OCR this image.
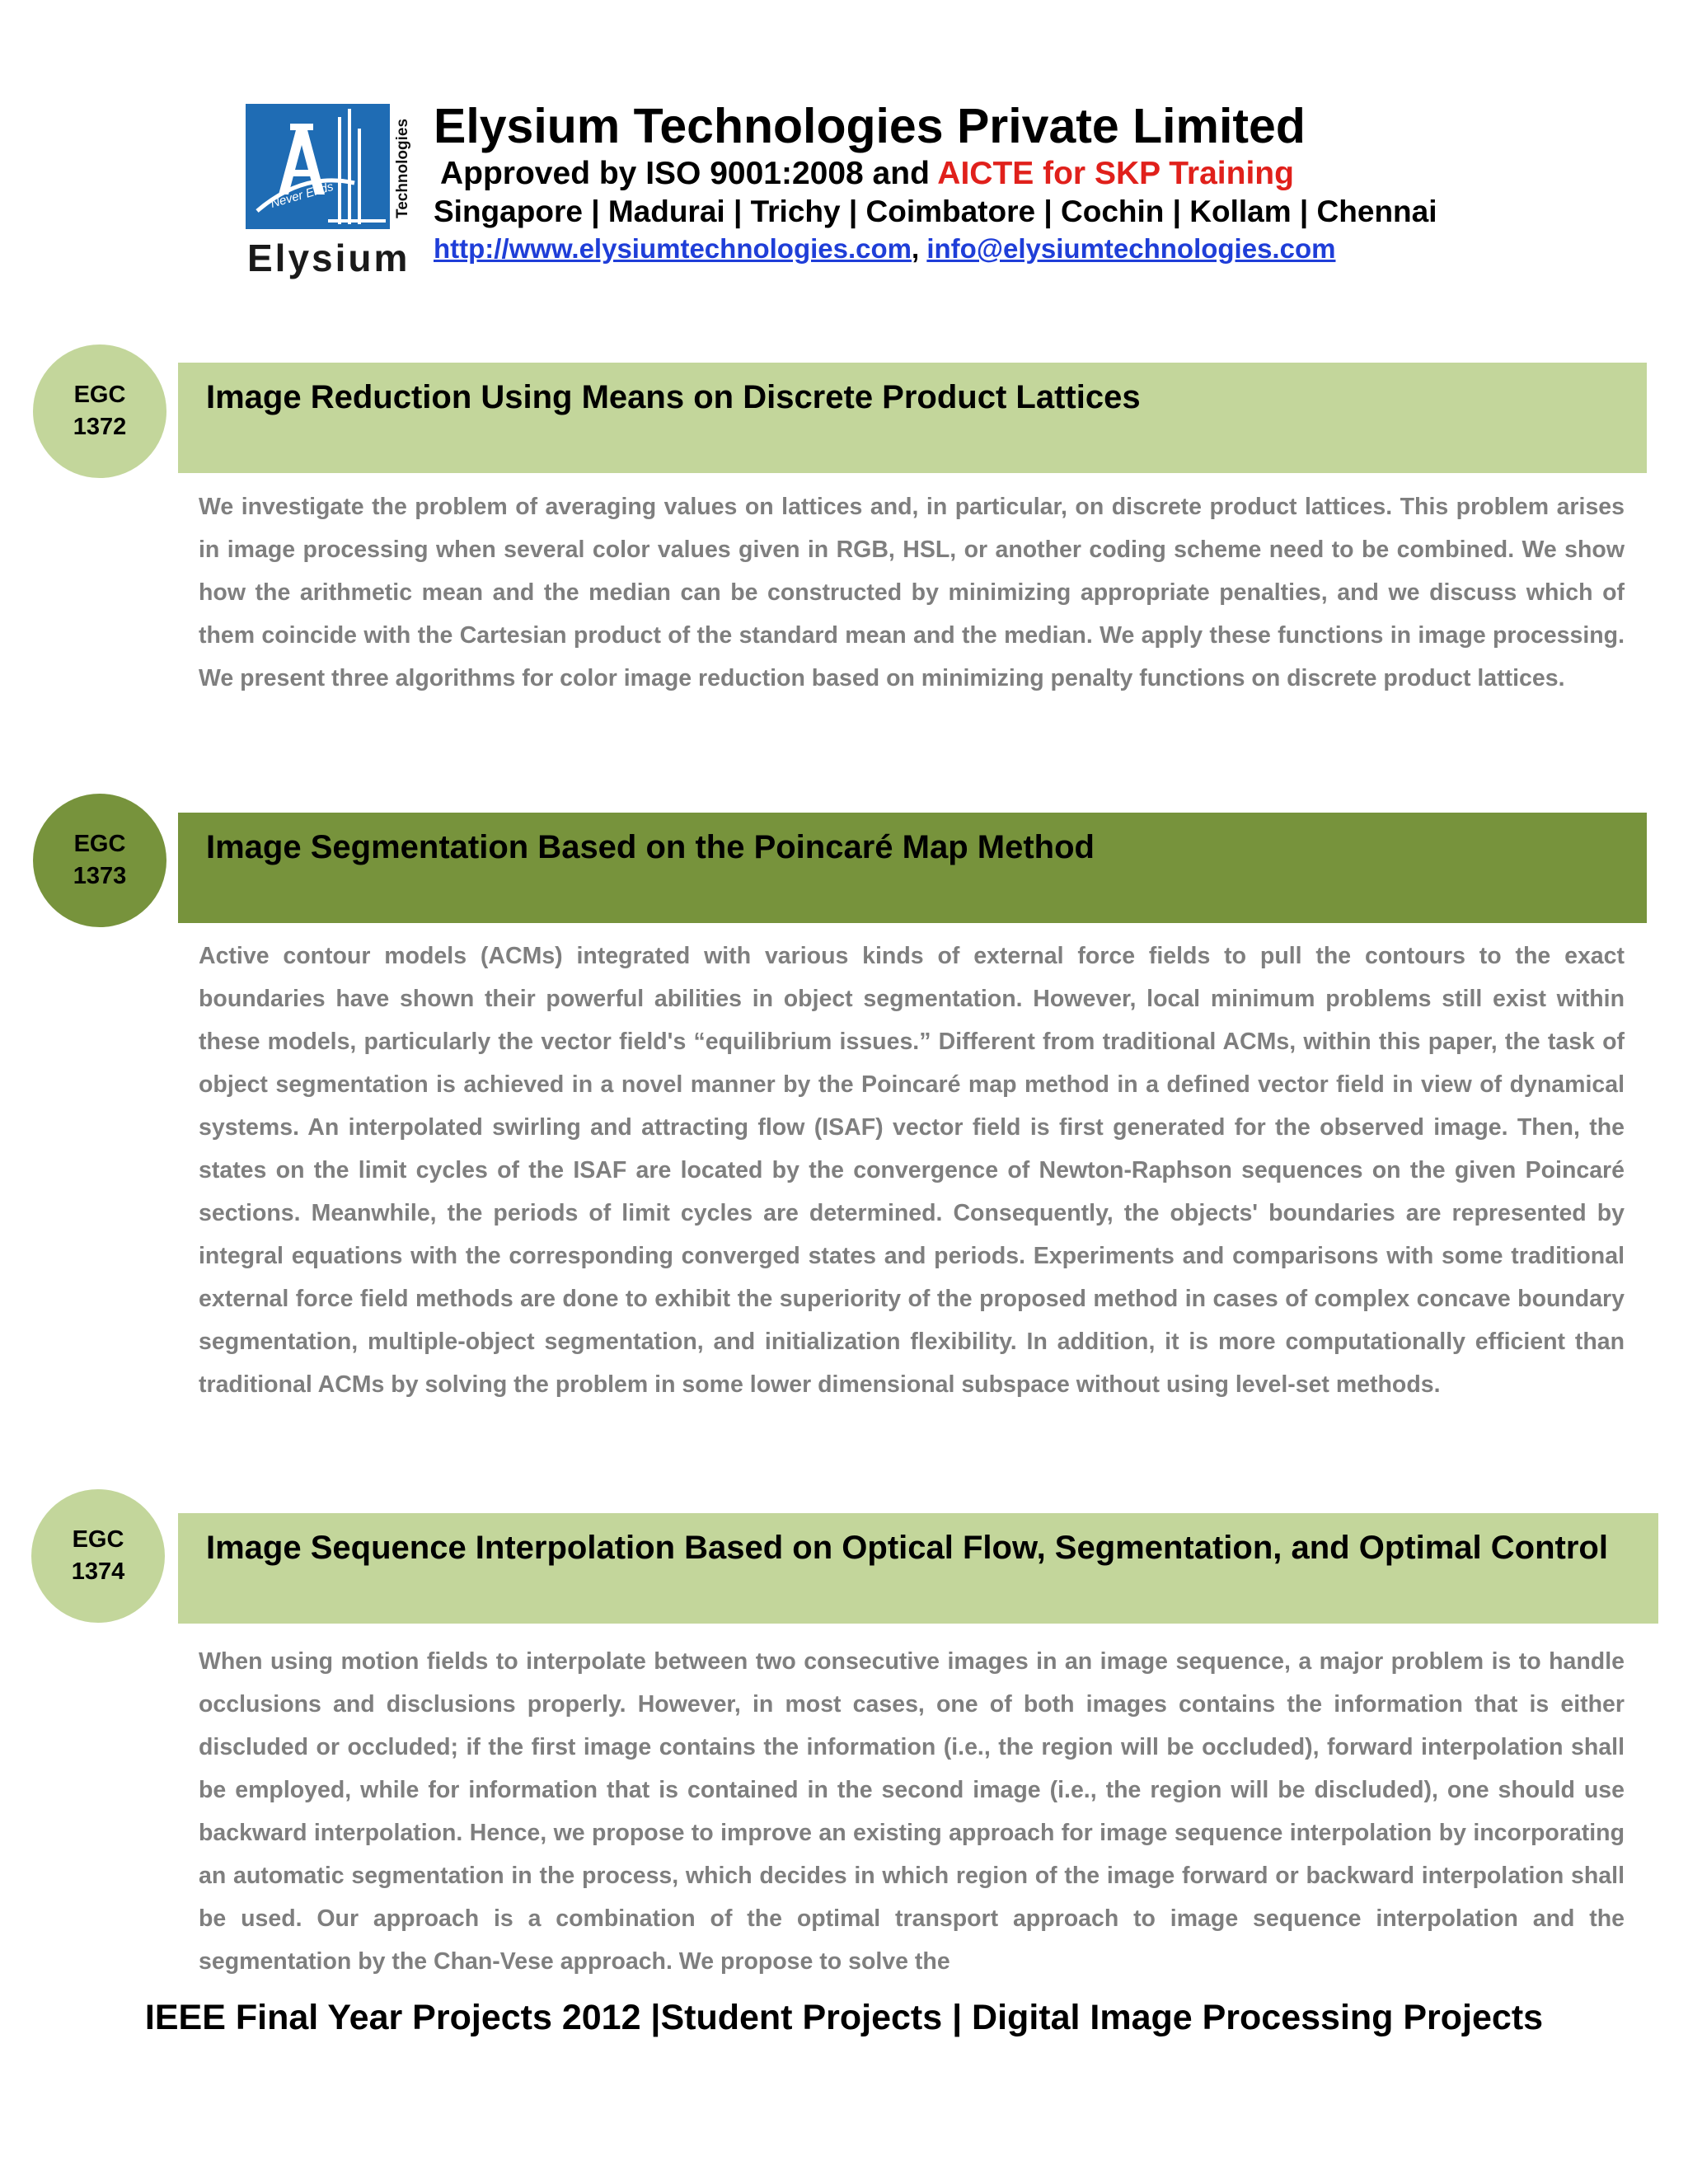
Never Ends	Technologies
Elysium
Elysium Technologies Private Limited
Approved by ISO 9001:2008 and AICTE for SKP Training
Singapore | Madurai | Trichy | Coimbatore | Cochin | Kollam | Chennai
http://www.elysiumtechnologies.com, info@elysiumtechnologies.com
EGC
1372
Image Reduction Using Means on Discrete Product Lattices

We investigate the problem of averaging values on lattices and, in particular, on discrete product lattices. This problem arises in image processing when several color values given in RGB, HSL, or another coding scheme need to be combined. We show how the arithmetic mean and the median can be constructed by minimizing appropriate penalties, and we discuss which of them coincide with the Cartesian product of the standard mean and the median. We apply these functions in image processing. We present three algorithms for color image reduction based on minimizing penalty functions on discrete product lattices.

EGC
1373
Image Segmentation Based on the Poincaré Map Method

Active contour models (ACMs) integrated with various kinds of external force fields to pull the contours to the exact boundaries have shown their powerful abilities in object segmentation. However, local minimum problems still exist within these models, particularly the vector field's “equilibrium issues.” Different from traditional ACMs, within this paper, the task of object segmentation is achieved in a novel manner by the Poincaré map method in a defined vector field in view of dynamical systems. An interpolated swirling and attracting flow (ISAF) vector field is first generated for the observed image. Then, the states on the limit cycles of the ISAF are located by the convergence of Newton-Raphson sequences on the given Poincaré sections. Meanwhile, the periods of limit cycles are determined. Consequently, the objects' boundaries are represented by integral equations with the corresponding converged states and periods. Experiments and comparisons with some traditional external force field methods are done to exhibit the superiority of the proposed method in cases of complex concave boundary segmentation, multiple-object segmentation, and initialization flexibility. In addition, it is more computationally efficient than traditional ACMs by solving the problem in some lower dimensional subspace without using level-set methods.

EGC
1374
Image Sequence Interpolation Based on Optical Flow, Segmentation, and Optimal Control

When using motion fields to interpolate between two consecutive images in an image sequence, a major problem is to handle occlusions and disclusions properly. However, in most cases, one of both images contains the information that is either discluded or occluded; if the first image contains the information (i.e., the region will be occluded), forward interpolation shall be employed, while for information that is contained in the second image (i.e., the region will be discluded), one should use backward interpolation. Hence, we propose to improve an existing approach for image sequence interpolation by incorporating an automatic segmentation in the process, which decides in which region of the image forward or backward interpolation shall be used. Our approach is a combination of the optimal transport approach to image sequence interpolation and the segmentation by the Chan-Vese approach. We propose to solve the

IEEE Final Year Projects 2012 |Student Projects | Digital Image Processing Projects
